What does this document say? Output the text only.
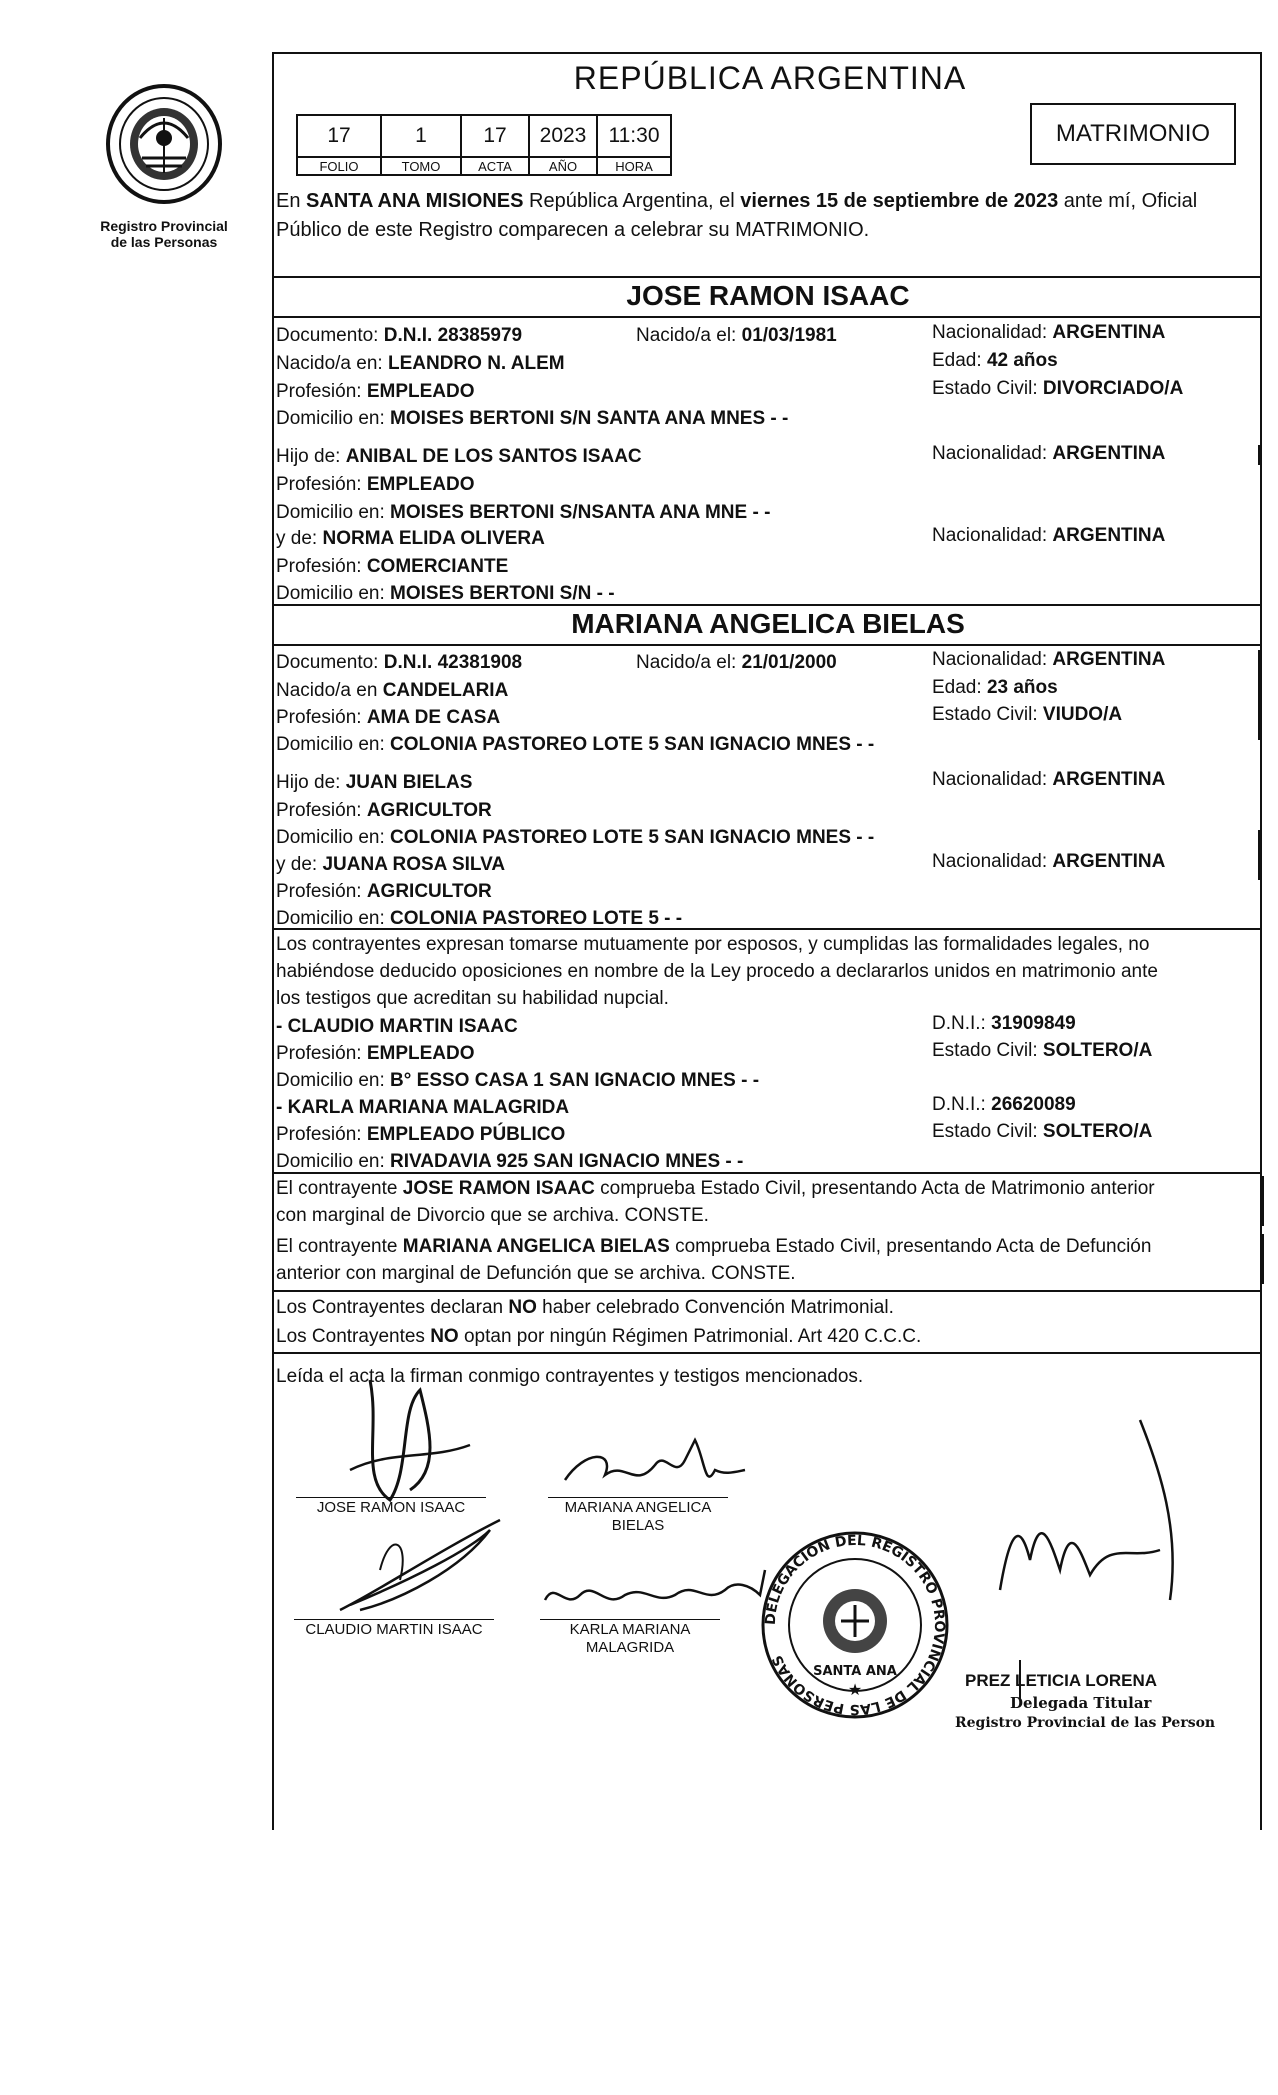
Registro Provincial
de las Personas
REPÚBLICA ARGENTINA
17	1	17	2023	11:30
FOLIO	TOMO	ACTA	AÑO	HORA
MATRIMONIO
En SANTA ANA MISIONES República Argentina, el viernes 15 de septiembre de 2023 ante mí, Oficial Público de este Registro comparecen a celebrar su MATRIMONIO.
JOSE RAMON ISAAC
Documento: D.N.I. 28385979	Nacido/a el: 01/03/1981	Nacionalidad: ARGENTINA
Nacido/a en: LEANDRO N. ALEM	Edad: 42 años
Profesión: EMPLEADO	Estado Civil: DIVORCIADO/A
Domicilio en: MOISES BERTONI S/N SANTA ANA MNES - -
Hijo de: ANIBAL DE LOS SANTOS ISAAC	Nacionalidad: ARGENTINA
Profesión: EMPLEADO
Domicilio en: MOISES BERTONI S/NSANTA ANA MNE - -
y de: NORMA ELIDA OLIVERA	Nacionalidad: ARGENTINA
Profesión: COMERCIANTE
Domicilio en: MOISES BERTONI S/N - -
MARIANA ANGELICA BIELAS
Documento: D.N.I. 42381908	Nacido/a el: 21/01/2000	Nacionalidad: ARGENTINA
Nacido/a en CANDELARIA	Edad: 23 años
Profesión: AMA DE CASA	Estado Civil: VIUDO/A
Domicilio en: COLONIA PASTOREO LOTE 5 SAN IGNACIO MNES - -
Hijo de: JUAN BIELAS	Nacionalidad: ARGENTINA
Profesión: AGRICULTOR
Domicilio en: COLONIA PASTOREO LOTE 5 SAN IGNACIO MNES - -
y de: JUANA ROSA SILVA	Nacionalidad: ARGENTINA
Profesión: AGRICULTOR
Domicilio en: COLONIA PASTOREO LOTE 5 - -
Los contrayentes expresan tomarse mutuamente por esposos, y cumplidas las formalidades legales, no
habiéndose deducido oposiciones en nombre de la Ley procedo a declararlos unidos en matrimonio ante
los testigos que acreditan su habilidad nupcial.
- CLAUDIO MARTIN ISAAC	D.N.I.: 31909849
Profesión: EMPLEADO	Estado Civil: SOLTERO/A
Domicilio en: B° ESSO CASA 1 SAN IGNACIO MNES - -
- KARLA MARIANA MALAGRIDA	D.N.I.: 26620089
Profesión: EMPLEADO PÚBLICO	Estado Civil: SOLTERO/A
Domicilio en: RIVADAVIA 925 SAN IGNACIO MNES - -
El contrayente JOSE RAMON ISAAC comprueba Estado Civil, presentando Acta de Matrimonio anterior
con marginal de Divorcio que se archiva. CONSTE.
El contrayente MARIANA ANGELICA BIELAS comprueba Estado Civil, presentando Acta de Defunción
anterior con marginal de Defunción que se archiva. CONSTE.
Los Contrayentes declaran NO haber celebrado Convención Matrimonial.
Los Contrayentes NO optan por ningún Régimen Patrimonial. Art 420 C.C.C.
Leída el acta la firman conmigo contrayentes y testigos mencionados.
JOSE RAMON ISAAC	MARIANA ANGELICA
BIELAS
CLAUDIO MARTIN ISAAC	KARLA MARIANA
MALAGRIDA
DELEGACION DEL REGISTRO PROVINCIAL DE LAS PERSONAS
SANTA ANA
★	PREZ LETICIA LORENA
Delegada Titular
Registro Provincial de las Person
